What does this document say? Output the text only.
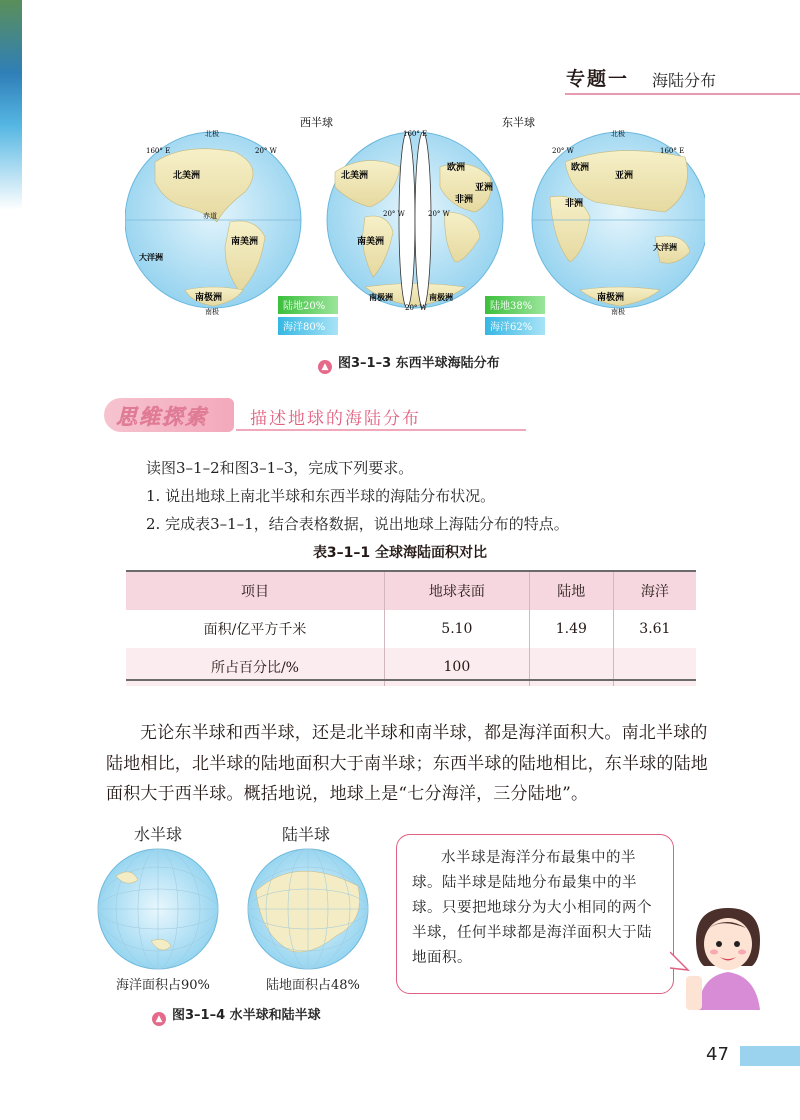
海陆分布
专题一
西半球	东半球
北极
160° E	20° W
北美洲
赤道
南美洲
大洋洲
南极洲
南极
160° E
20° W	20° W
20° W
北美洲
欧洲
亚洲
非洲
南美洲
南极洲	南极洲
北极
20° W	160° E
欧洲
亚洲
非洲
大洋洲
南极洲
南极
陆地20%
海洋80%
陆地38%
海洋62%
▲ 图3–1–3 东西半球海陆分布
思维探索 描述地球的海陆分布
读图3–1–2和图3–1–3，完成下列要求。
1. 说出地球上南北半球和东西半球的海陆分布状况。
2. 完成表3–1–1，结合表格数据，说出地球上海陆分布的特点。
表3–1–1 全球海陆面积对比
项目	地球表面	陆地	海洋
面积/亿平方千米	5.10	1.49	3.61
所占百分比/%	100		
无论东半球和西半球，还是北半球和南半球，都是海洋面积大。南北半球的陆地相比，北半球的陆地面积大于南半球；东西半球的陆地相比，东半球的陆地面积大于西半球。概括地说，地球上是“七分海洋，三分陆地”。
水半球	陆半球
海洋面积占90%	陆地面积占48%
▲ 图3–1–4 水半球和陆半球
水半球是海洋分布最集中的半球。陆半球是陆地分布最集中的半球。只要把地球分为大小相同的两个半球，任何半球都是海洋面积大于陆地面积。
47
